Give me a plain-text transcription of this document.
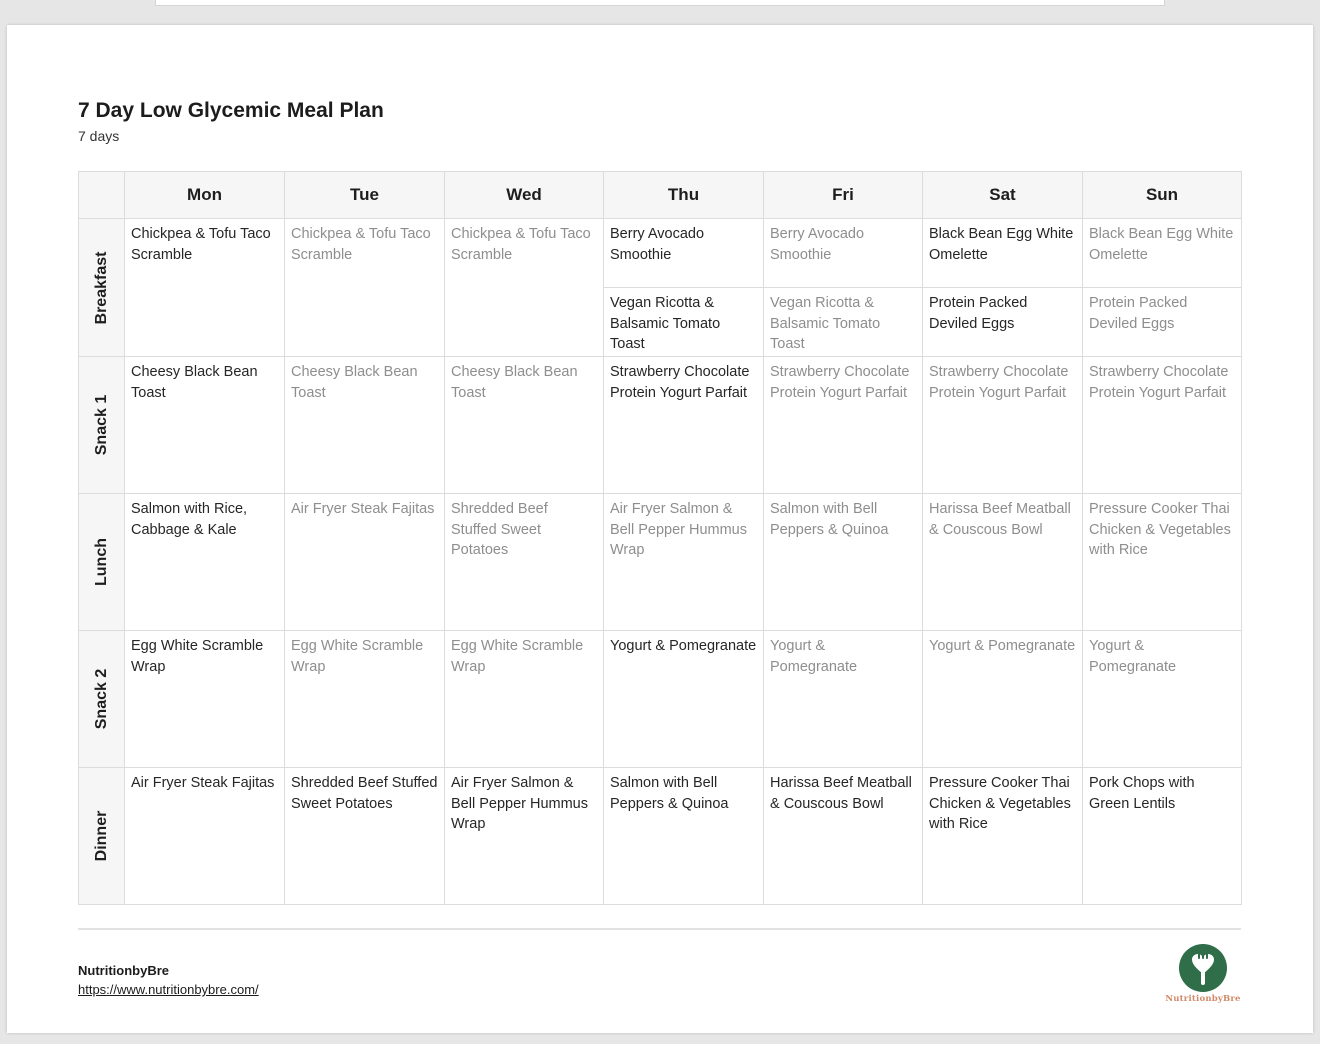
7 Day Low Glycemic Meal Plan
7 days
	Mon	Tue	Wed	Thu	Fri	Sat	Sun

Breakfast	Chickpea & Tofu Taco Scramble	Chickpea & Tofu Taco Scramble	Chickpea & Tofu Taco Scramble	Berry Avocado Smoothie	Berry Avocado Smoothie	Black Bean Egg White Omelette	Black Bean Egg White Omelette
				Vegan Ricotta & Balsamic Tomato Toast	Vegan Ricotta & Balsamic Tomato Toast	Protein Packed Deviled Eggs	Protein Packed Deviled Eggs

Snack 1	Cheesy Black Bean Toast	Cheesy Black Bean Toast	Cheesy Black Bean Toast	Strawberry Chocolate Protein Yogurt Parfait	Strawberry Chocolate Protein Yogurt Parfait	Strawberry Chocolate Protein Yogurt Parfait	Strawberry Chocolate Protein Yogurt Parfait

Lunch	Salmon with Rice, Cabbage & Kale	Air Fryer Steak Fajitas	Shredded Beef Stuffed Sweet Potatoes	Air Fryer Salmon & Bell Pepper Hummus Wrap	Salmon with Bell Peppers & Quinoa	Harissa Beef Meatball & Couscous Bowl	Pressure Cooker Thai Chicken & Vegetables with Rice

Snack 2	Egg White Scramble Wrap	Egg White Scramble Wrap	Egg White Scramble Wrap	Yogurt & Pomegranate	Yogurt & Pomegranate	Yogurt & Pomegranate	Yogurt & Pomegranate

Dinner	Air Fryer Steak Fajitas	Shredded Beef Stuffed Sweet Potatoes	Air Fryer Salmon & Bell Pepper Hummus Wrap	Salmon with Bell Peppers & Quinoa	Harissa Beef Meatball & Couscous Bowl	Pressure Cooker Thai Chicken & Vegetables with Rice	Pork Chops with Green Lentils
NutritionbyBre
https://www.nutritionbybre.com/
NutritionbyBre
